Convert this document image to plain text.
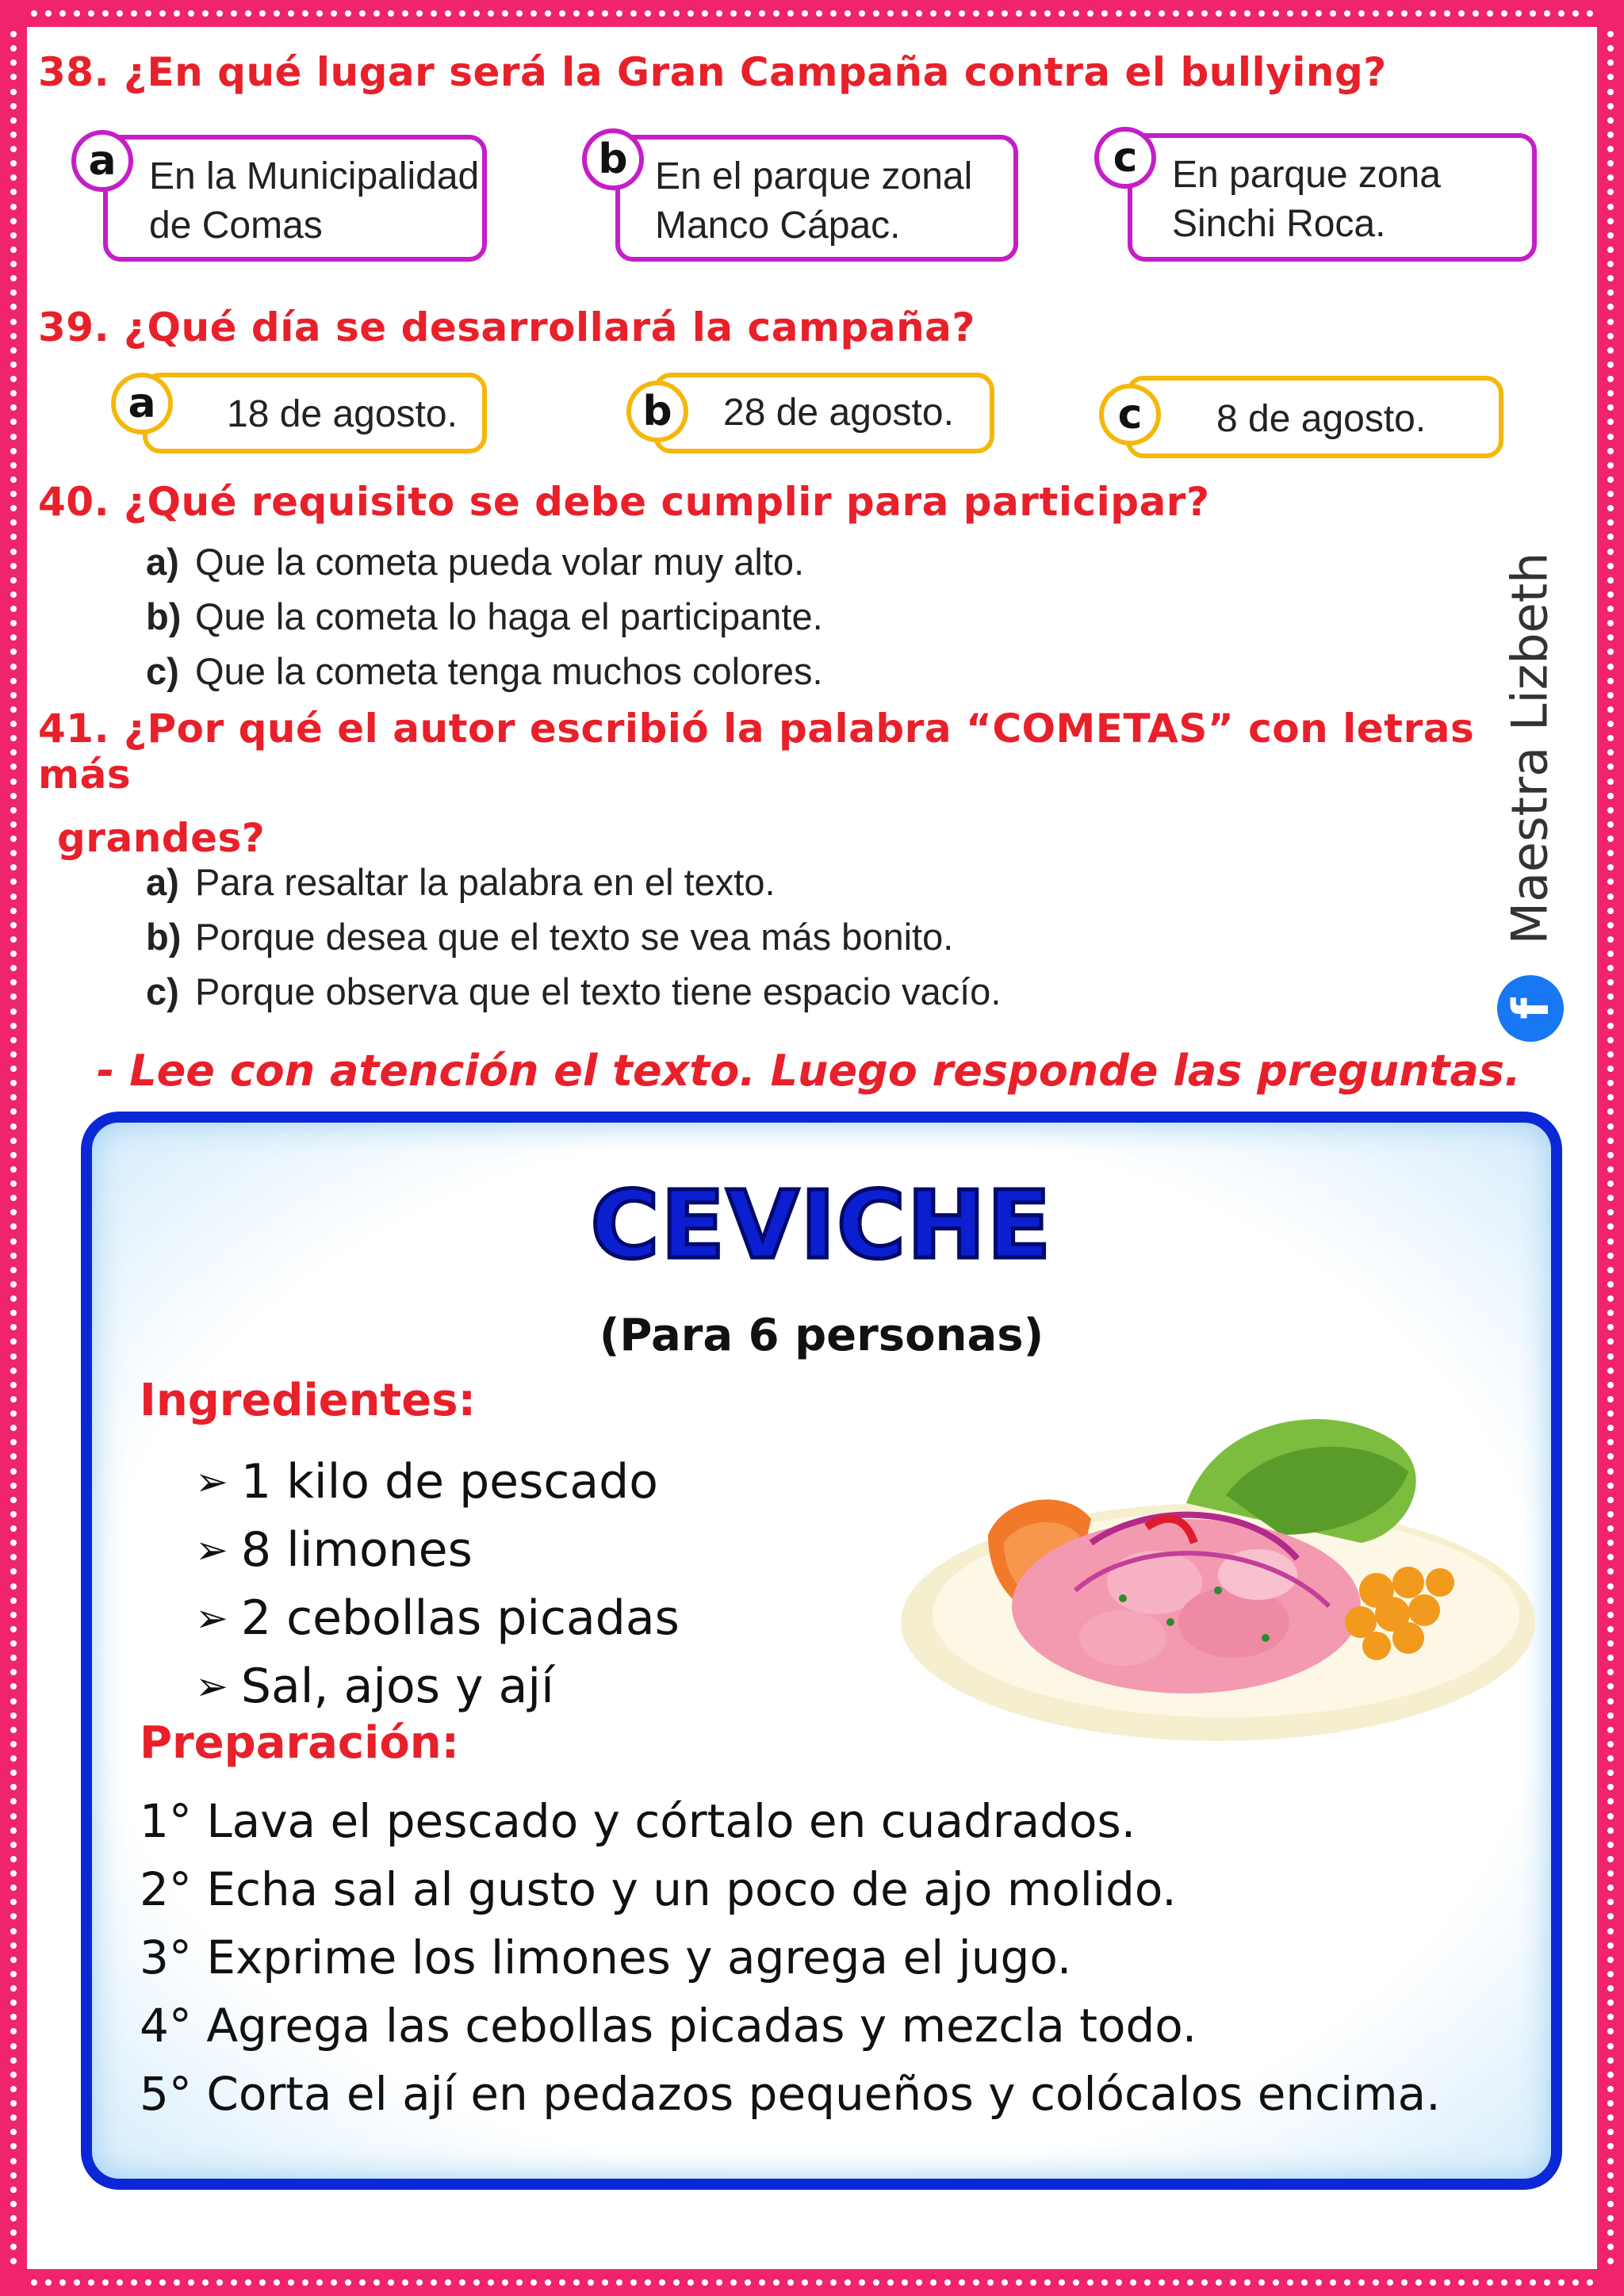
38. ¿En qué lugar será la Gran Campaña contra el bullying?
En la Municipalidad
de Comas
a	En el parque zonal
Manco Cápac.
b	En parque zona
Sinchi Roca.
c
39. ¿Qué día se desarrollará la campaña?
18 de agosto.
a	28 de agosto.
b	8 de agosto.
c
40. ¿Qué requisito se debe cumplir para participar?
a) Que la cometa pueda volar muy alto.
b) Que la cometa lo haga el participante.
c) Que la cometa tenga muchos colores.
41. ¿Por qué el autor escribió la palabra “COMETAS” con letras más
grandes?
a) Para resaltar la palabra en el texto.
b) Porque desea que el texto se vea más bonito.
c) Porque observa que el texto tiene espacio vacío.
- Lee con atención el texto. Luego responde las preguntas.
CEVICHE
(Para 6 personas)
Ingredientes:
➢ 1 kilo de pescado
➢ 8 limones
➢ 2 cebollas picadas
➢ Sal, ajos y ají
Preparación:
1° Lava el pescado y córtalo en cuadrados.
2° Echa sal al gusto y un poco de ajo molido.
3° Exprime los limones y agrega el jugo.
4° Agrega las cebollas picadas y mezcla todo.
5° Corta el ají en pedazos pequeños y colócalos encima.
Maestra Lizbeth
f
